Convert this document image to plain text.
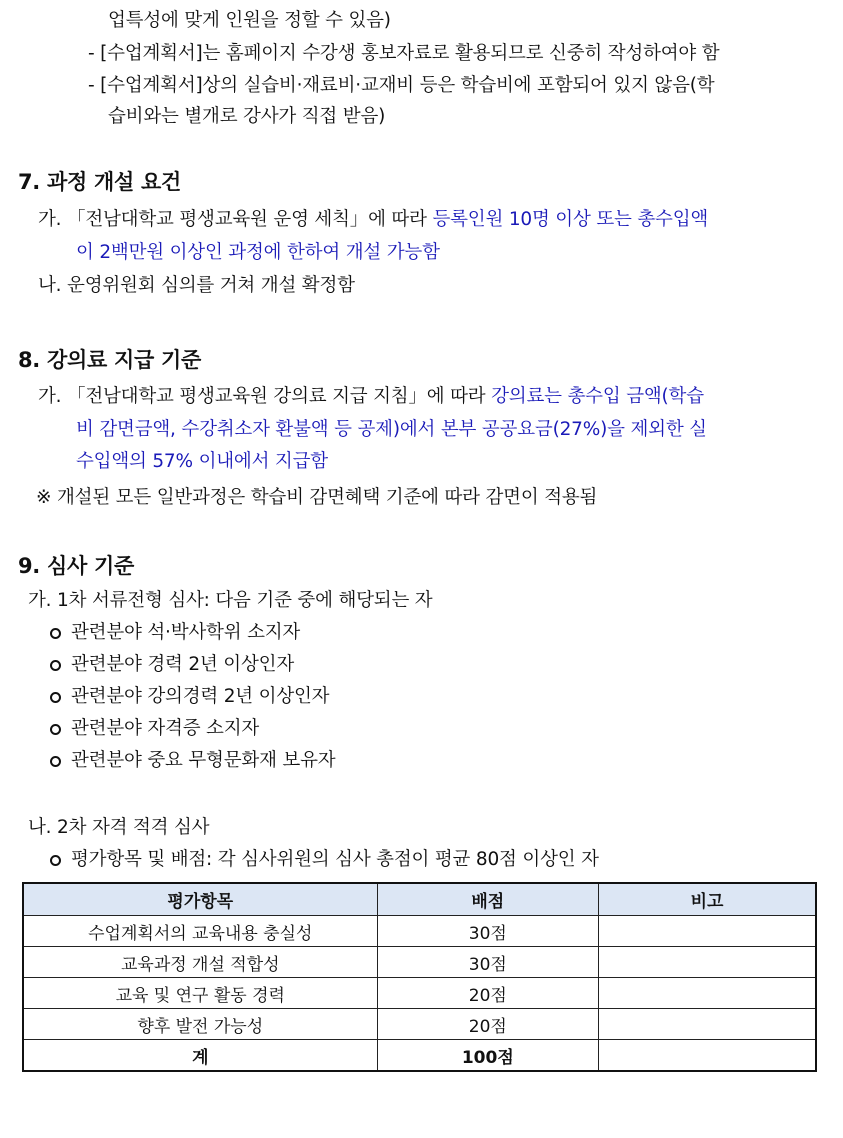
업특성에 맞게 인원을 정할 수 있음)
- [수업계획서]는 홈페이지 수강생 홍보자료로 활용되므로 신중히 작성하여야 함
- [수업계획서]상의 실습비·재료비·교재비 등은 학습비에 포함되어 있지 않음(학
습비와는 별개로 강사가 직접 받음)
7. 과정 개설 요건
가. 「전남대학교 평생교육원 운영 세칙」에 따라 등록인원 10명 이상 또는 총수입액
이 2백만원 이상인 과정에 한하여 개설 가능함
나. 운영위원회 심의를 거쳐 개설 확정함
8. 강의료 지급 기준
가. 「전남대학교 평생교육원 강의료 지급 지침」에 따라 강의료는 총수입 금액(학습
비 감면금액, 수강취소자 환불액 등 공제)에서 본부 공공요금(27%)을 제외한 실
수입액의 57% 이내에서 지급함
※ 개설된 모든 일반과정은 학습비 감면혜택 기준에 따라 감면이 적용됨
9. 심사 기준
가. 1차 서류전형 심사: 다음 기준 중에 해당되는 자
관련분야 석·박사학위 소지자
관련분야 경력 2년 이상인자
관련분야 강의경력 2년 이상인자
관련분야 자격증 소지자
관련분야 중요 무형문화재 보유자
나. 2차 자격 적격 심사
평가항목 및 배점: 각 심사위원의 심사 총점이 평균 80점 이상인 자
평가항목	배점	비고
수업계획서의 교육내용 충실성	30점	
교육과정 개설 적합성	30점	
교육 및 연구 활동 경력	20점	
향후 발전 가능성	20점	
계	100점	
